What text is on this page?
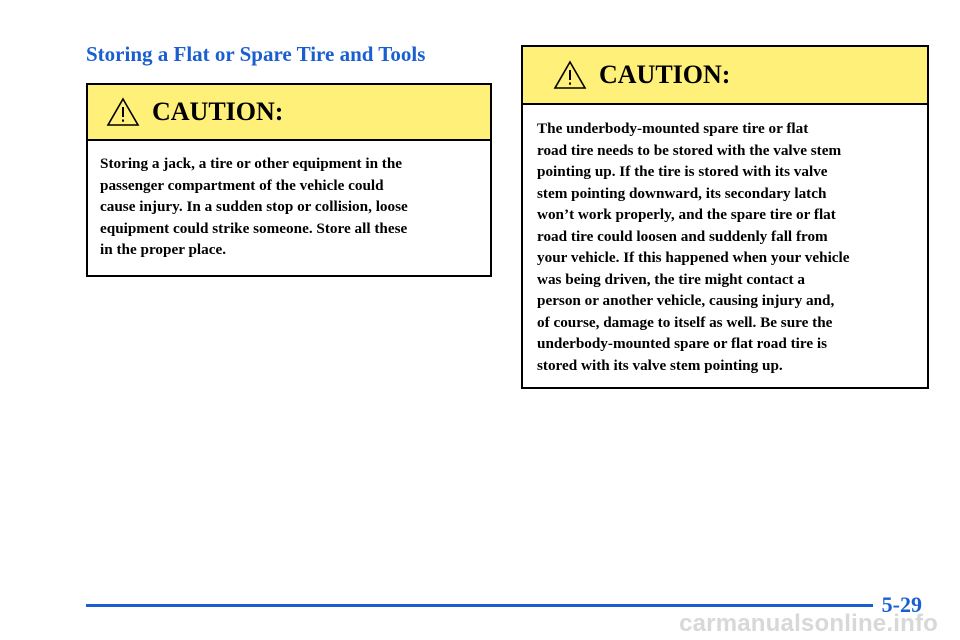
Storing a Flat or Spare Tire and Tools
CAUTION:

Storing a jack, a tire or other equipment in the
passenger compartment of the vehicle could
cause injury. In a sudden stop or collision, loose
equipment could strike someone. Store all these
in the proper place.

CAUTION:

The underbody-mounted spare tire or flat
road tire needs to be stored with the valve stem
pointing up. If the tire is stored with its valve
stem pointing downward, its secondary latch
won’t work properly, and the spare tire or flat
road tire could loosen and suddenly fall from
your vehicle. If this happened when your vehicle
was being driven, the tire might contact a
person or another vehicle, causing injury and,
of course, damage to itself as well. Be sure the
underbody-mounted spare or flat road tire is
stored with its valve stem pointing up.

5-29
carmanualsonline.info
